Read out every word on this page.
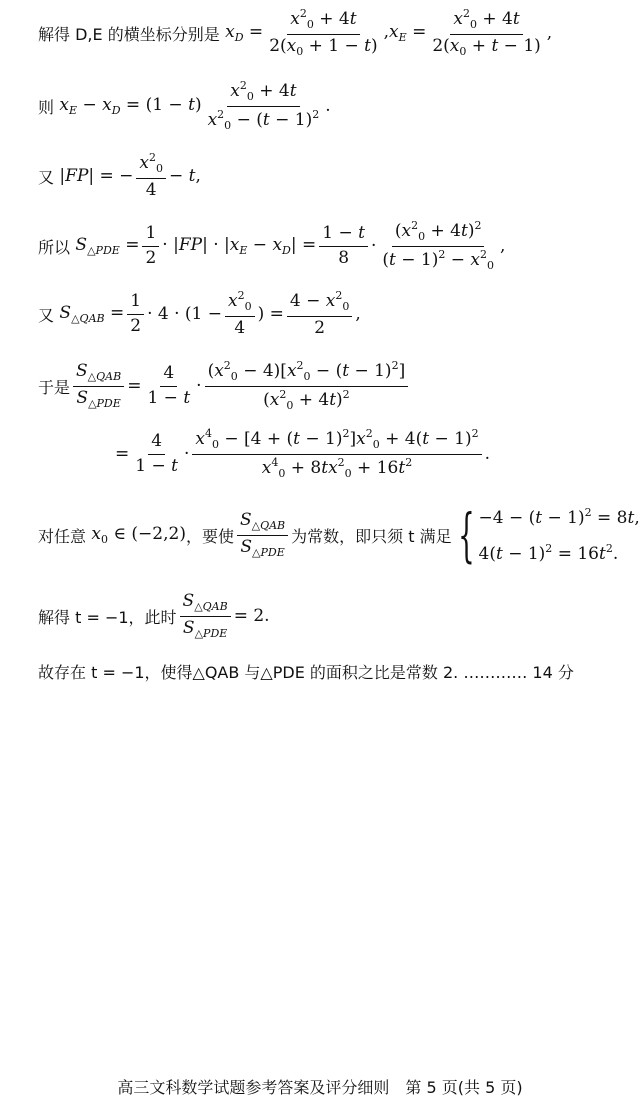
解得 D,E 的横坐标分别是 $x_D = \frac{x^2_0 + 4t}{2(x_0 + 1 - t)} ,x_E = \frac{x^2_0 + 4t}{2(x_0 + t - 1)}$ ,
则 $x_E - x_D = (1 - t) \frac{x^2_0 + 4t}{x^2_0 - (t - 1)^2}$ .
又 |FP| = − $\frac{x^2_0}{4} - t$,
所以 $S_{\triangle PDE} = \frac{1}{2} \cdot |FP| \cdot |x_E - x_D| = \frac{1 - t}{8} \cdot \frac{(x^2_0 + 4t)^2}{(t - 1)^2 - x^2_0}$ ,
又 $S_{\triangle QAB} = \frac{1}{2} \cdot 4 \cdot (1 - \frac{x^2_0}{4}$ ) = $\frac{4 - x^2_0}{2}$ ,
于是 $\frac{S_{\triangle QAB}}{S_{\triangle PDE}} = \frac{4}{1 - t} \cdot \frac{(x^2_0 - 4)[x^2_0 - (t - 1)^2]}{(x^2_0 + 4t)^2}$
= $\frac{4}{1 - t} \cdot \frac{x^4_0 - [4 + (t - 1)^2]x^2_0 + 4(t - 1)^2}{x^4_0 + 8tx^2_0 + 16t^2}$ .
对任意 $x_0$ ∈ (−2,2) ，要使 $\frac{S_{\triangle QAB}}{S_{\triangle PDE}}$ 为常数，即只须 t 满足 { $-4 - (t - 1)^2 = 8t$,
$4(t - 1)^2 = 16t^2$.
解得 t = −1，此时 $\frac{S_{\triangle QAB}}{S_{\triangle PDE}} = 2$.
故存在 t = −1，使得△QAB 与△PDE 的面积之比是常数 2. ………… 14 分
高三文科数学试题参考答案及评分细则　第 5 页(共 5 页)
